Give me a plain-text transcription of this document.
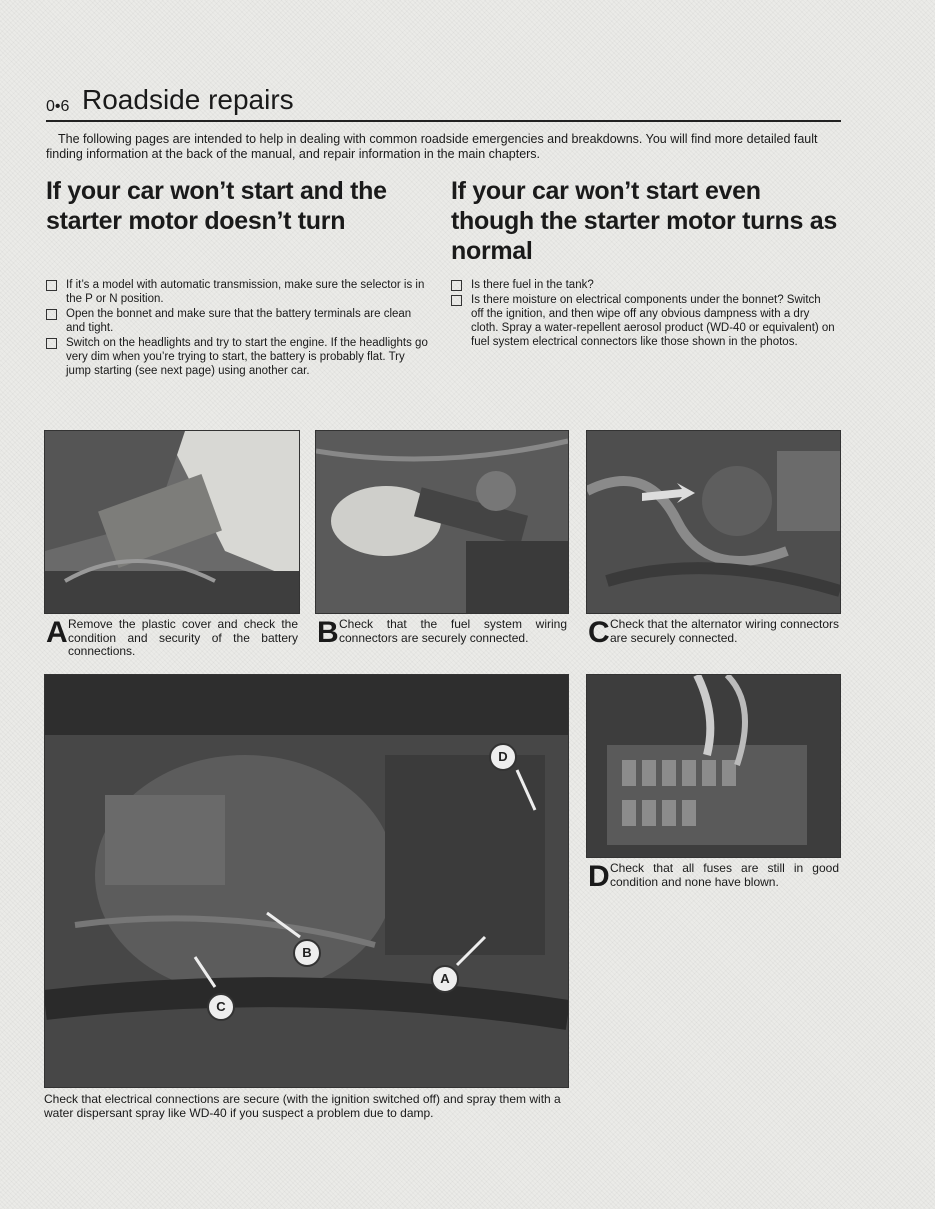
0•6 Roadside repairs

The following pages are intended to help in dealing with common roadside emergencies and breakdowns. You will find more detailed fault finding information at the back of the manual, and repair information in the main chapters.

If your car won’t start and the starter motor doesn’t turn
If it’s a model with automatic transmission, make sure the selector is in the P or N position.
Open the bonnet and make sure that the battery terminals are clean and tight.
Switch on the headlights and try to start the engine. If the headlights go very dim when you’re trying to start, the battery is probably flat. Try jump starting (see next page) using another car.
If your car won’t start even though the starter motor turns as normal
Is there fuel in the tank?
Is there moisture on electrical components under the bonnet? Switch off the ignition, and then wipe off any obvious dampness with a dry cloth. Spray a water-repellent aerosol product (WD-40 or equivalent) on fuel system electrical connectors like those shown in the photos.
A Remove the plastic cover and check the condition and security of the battery connections.
B Check that the fuel system wiring connectors are securely connected.	C Check that the alternator wiring connectors are securely connected.
D
A
B
C
Check that electrical connections are secure (with the ignition switched off) and spray them with a water dispersant spray like WD-40 if you suspect a problem due to damp.
D Check that all fuses are still in good condition and none have blown.
